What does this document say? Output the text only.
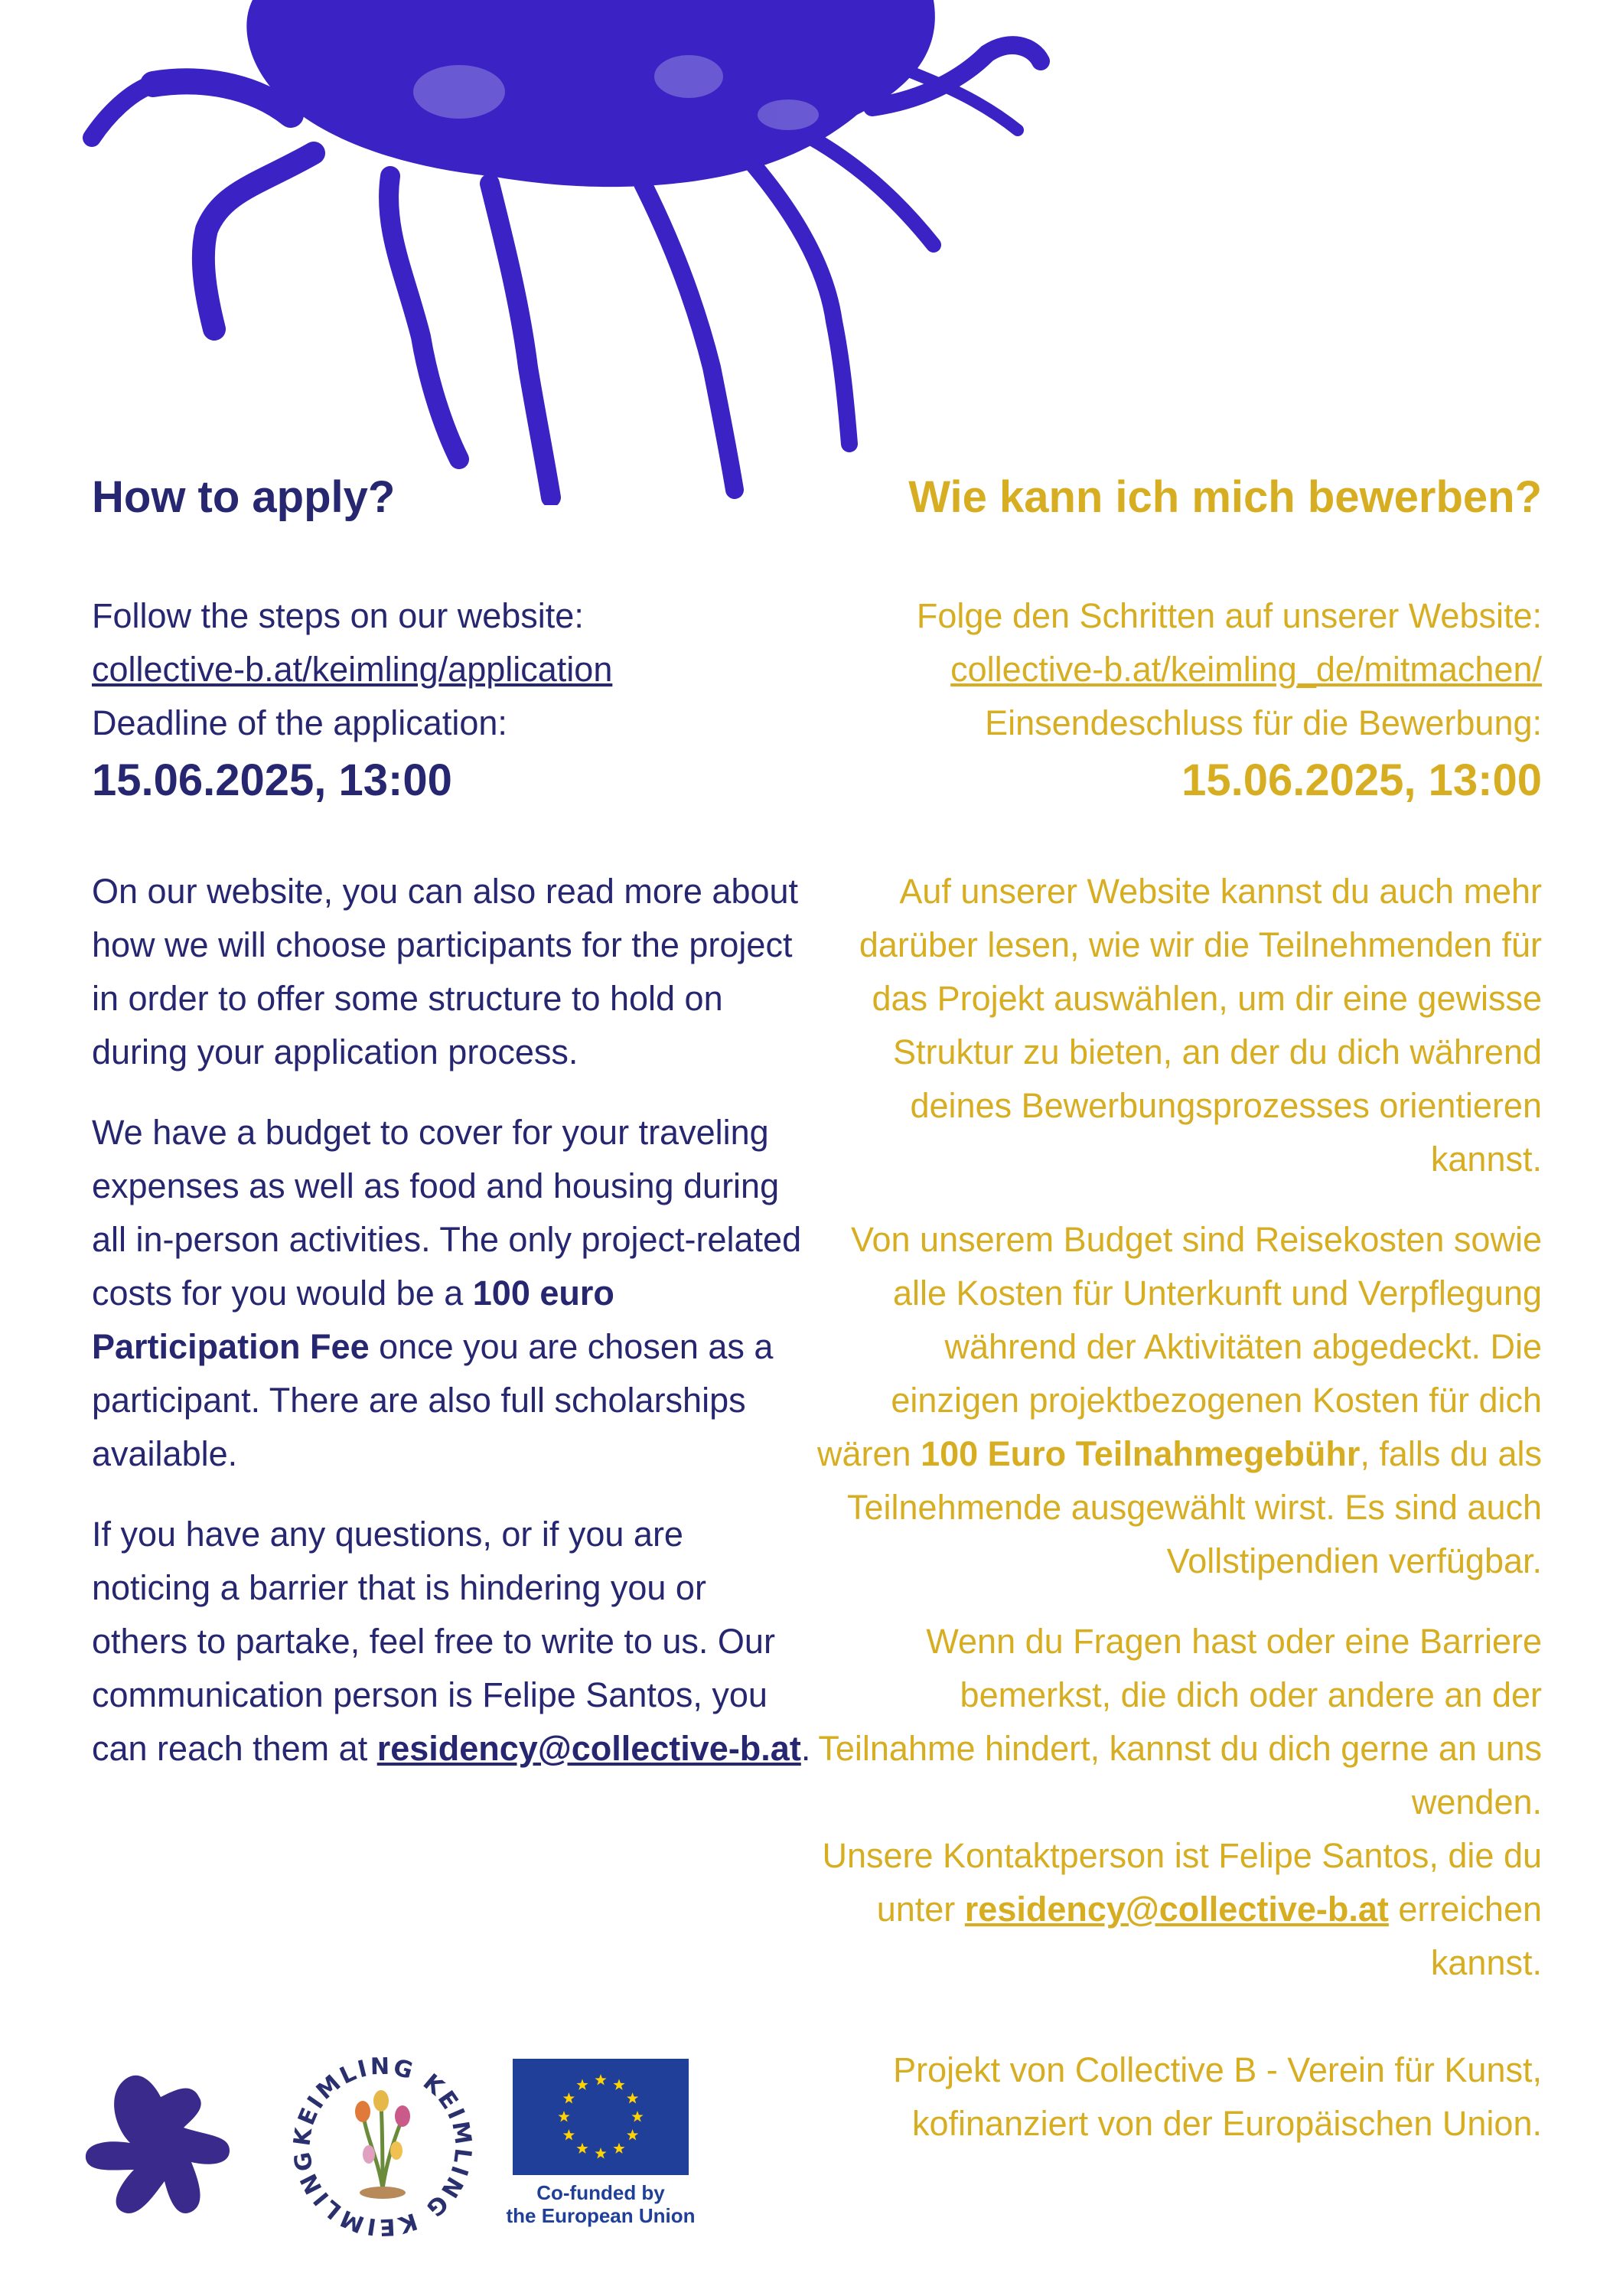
How to apply?

Follow the steps on our website:

collective-b.at/keimling/application

Deadline of the application:

15.06.2025, 13:00

On our website, you can also read more about how we will choose participants for the project in order to offer some structure to hold on during your application process.

We have a budget to cover for your traveling expenses as well as food and housing during all in-person activities. The only project-related costs for you would be a 100 euro Participation Fee once you are chosen as a participant. There are also full scholarships available.

If you have any questions, or if you are noticing a barrier that is hindering you or others to partake, feel free to write to us. Our communication person is Felipe Santos, you can reach them at residency@collective-b.at.

Wie kann ich mich bewerben?

Folge den Schritten auf unserer Website:

collective-b.at/keimling_de/mitmachen/

Einsendeschluss für die Bewerbung:

15.06.2025, 13:00

Auf unserer Website kannst du auch mehr darüber lesen, wie wir die Teilnehmenden für das Projekt auswählen, um dir eine gewisse Struktur zu bieten, an der du dich während deines Bewerbungsprozesses orientieren kannst.

Von unserem Budget sind Reisekosten sowie alle Kosten für Unterkunft und Verpflegung während der Aktivitäten abgedeckt. Die einzigen projektbezogenen Kosten für dich wären 100 Euro Teilnahmegebühr, falls du als Teilnehmende ausgewählt wirst. Es sind auch Vollstipendien verfügbar.

Wenn du Fragen hast oder eine Barriere bemerkst, die dich oder andere an der Teilnahme hindert, kannst du dich gerne an uns wenden.

Unsere Kontaktperson ist Felipe Santos, die du unter residency@collective-b.at erreichen kannst.

Projekt von Collective B - Verein für Kunst,

kofinanziert von der Europäischen Union.

KEIMLING KEIMLING KEIMLING
Co-funded by
the European Union
